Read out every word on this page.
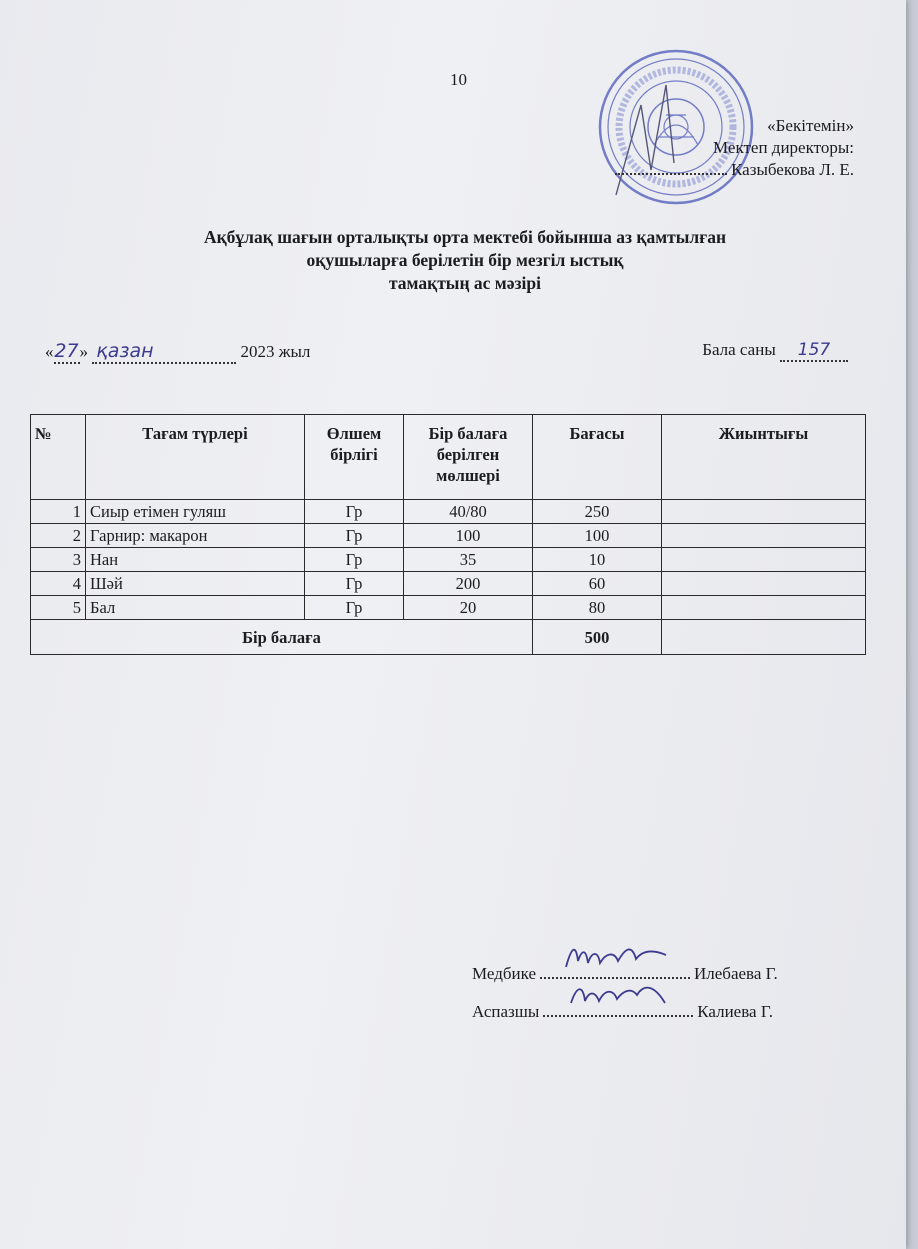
10
«Бекітемін»
Мектеп директоры:
Казыбекова Л. Е.
Ақбұлақ шағын орталықты орта мектебі бойынша аз қамтылған
оқушыларға берілетін бір мезгіл ыстық
тамақтың ас мәзірі
«27» қазан	2023 жыл	Бала саны 157
№	Тағам түрлері	Өлшем бірлігі	Бір балаға берілген мөлшері	Бағасы	Жиынтығы
1	Сиыр етімен гуляш	Гр	40/80	250	
2	Гарнир: макарон	Гр	100	100	
3	Нан	Гр	35	10	
4	Шәй	Гр	200	60	
5	Бал	Гр	20	80	
Бір балаға				500	
Медбике	Илебаева Г.
Аспазшы	Калиева Г.
